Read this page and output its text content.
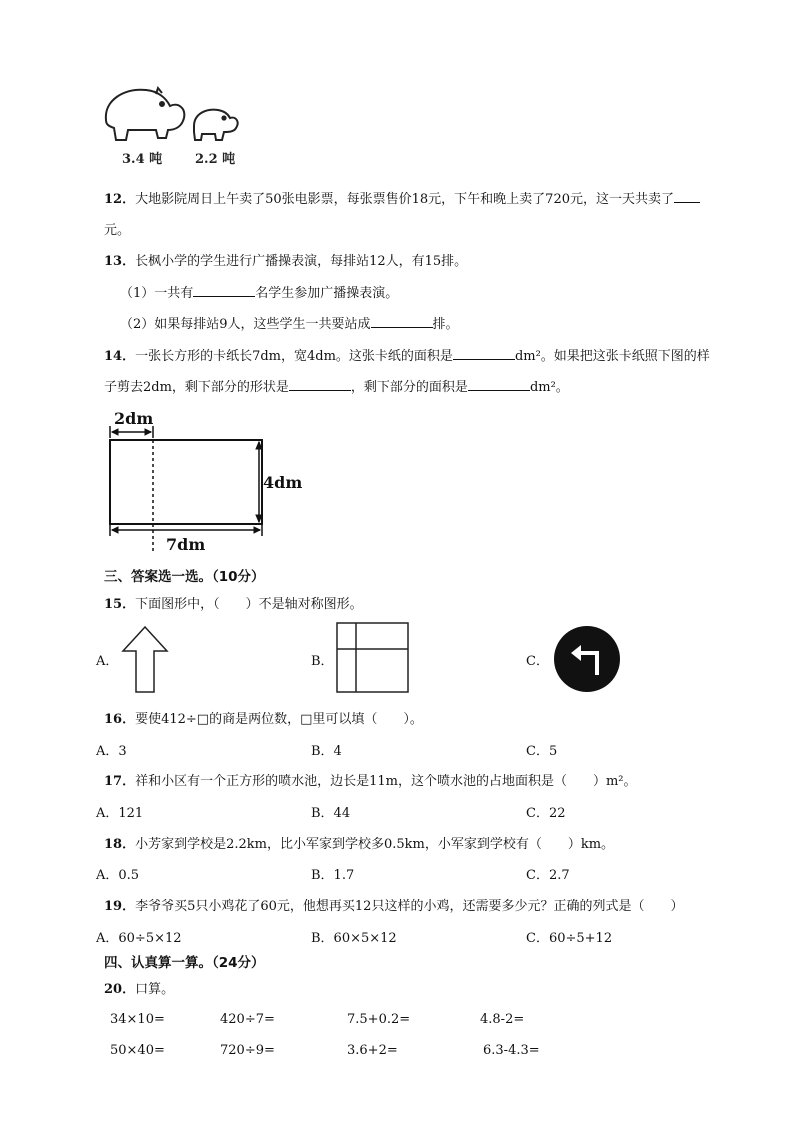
3.4 吨	2.2 吨
12．大地影院周日上午卖了50张电影票，每张票售价18元，下午和晚上卖了720元，这一天共卖了
元。
13．长枫小学的学生进行广播操表演，每排站12人，有15排。
（1）一共有	名学生参加广播操表演。
（2）如果每排站9人，这些学生一共要站成	排。
14．一张长方形的卡纸长7dm，宽4dm。这张卡纸的面积是	dm²。如果把这张卡纸照下图的样
子剪去2dm，剩下部分的形状是	，剩下部分的面积是	dm²。
2dm
4dm
7dm
三、答案选一选。（10分）
15．下面图形中，（　　）不是轴对称图形。
A．	B．	C．
16．要使412÷□的商是两位数，□里可以填（　　）。
A．3	B．4	C．5
17．祥和小区有一个正方形的喷水池，边长是11m，这个喷水池的占地面积是（　　）m²。
A．121	B．44	C．22
18．小芳家到学校是2.2km，比小军家到学校多0.5km，小军家到学校有（　　）km。
A．0.5	B．1.7	C．2.7
19．李爷爷买5只小鸡花了60元，他想再买12只这样的小鸡，还需要多少元？正确的列式是（　　）
A．60÷5×12	B．60×5×12	C．60÷5+12
四、认真算一算。（24分）
20．口算。
34×10=	420÷7=	7.5+0.2=	4.8-2=
50×40=	720÷9=	3.6+2=	6.3-4.3=
